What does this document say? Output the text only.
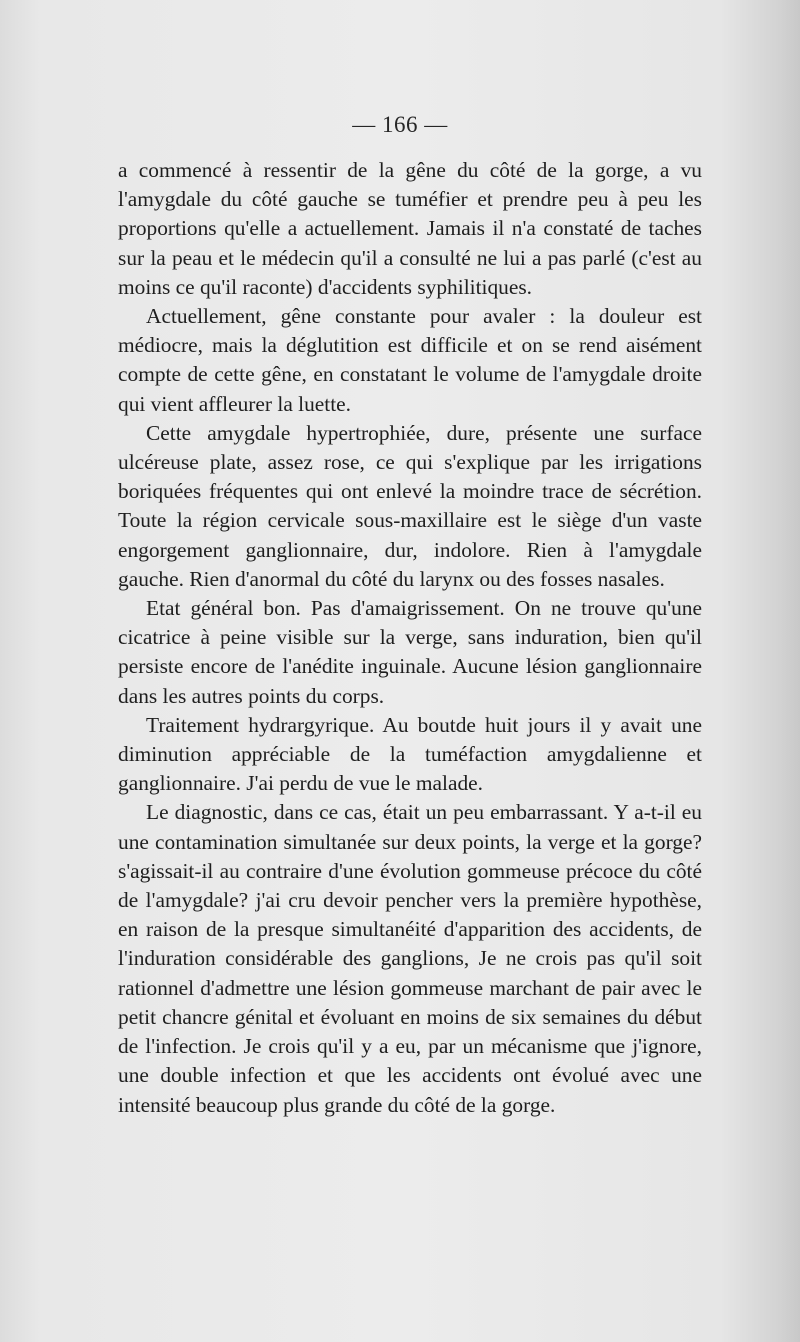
— 166 —

a commencé à ressentir de la gêne du côté de la gorge, a vu l'amygdale du côté gauche se tuméfier et prendre peu à peu les proportions qu'elle a actuellement. Jamais il n'a constaté de taches sur la peau et le médecin qu'il a consulté ne lui a pas parlé (c'est au moins ce qu'il raconte) d'accidents syphilitiques.

Actuellement, gêne constante pour avaler : la douleur est médiocre, mais la déglutition est difficile et on se rend aisément compte de cette gêne, en constatant le volume de l'amygdale droite qui vient affleurer la luette.

Cette amygdale hypertrophiée, dure, présente une surface ulcéreuse plate, assez rose, ce qui s'explique par les irrigations boriquées fréquentes qui ont enlevé la moindre trace de sécrétion. Toute la région cervicale sous-maxillaire est le siège d'un vaste engorgement ganglionnaire, dur, indolore. Rien à l'amygdale gauche. Rien d'anormal du côté du larynx ou des fosses nasales.

Etat général bon. Pas d'amaigrissement. On ne trouve qu'une cicatrice à peine visible sur la verge, sans induration, bien qu'il persiste encore de l'anédite inguinale. Aucune lésion ganglionnaire dans les autres points du corps.

Traitement hydrargyrique. Au boutde huit jours il y avait une diminution appréciable de la tuméfaction amygdalienne et ganglionnaire. J'ai perdu de vue le malade.

Le diagnostic, dans ce cas, était un peu embarrassant. Y a-t-il eu une contamination simultanée sur deux points, la verge et la gorge? s'agissait-il au contraire d'une évolution gommeuse précoce du côté de l'amygdale? j'ai cru devoir pencher vers la première hypothèse, en raison de la presque simultanéité d'apparition des accidents, de l'induration considérable des ganglions, Je ne crois pas qu'il soit rationnel d'admettre une lésion gommeuse marchant de pair avec le petit chancre génital et évoluant en moins de six semaines du début de l'infection. Je crois qu'il y a eu, par un mécanisme que j'ignore, une double infection et que les accidents ont évolué avec une intensité beaucoup plus grande du côté de la gorge.
